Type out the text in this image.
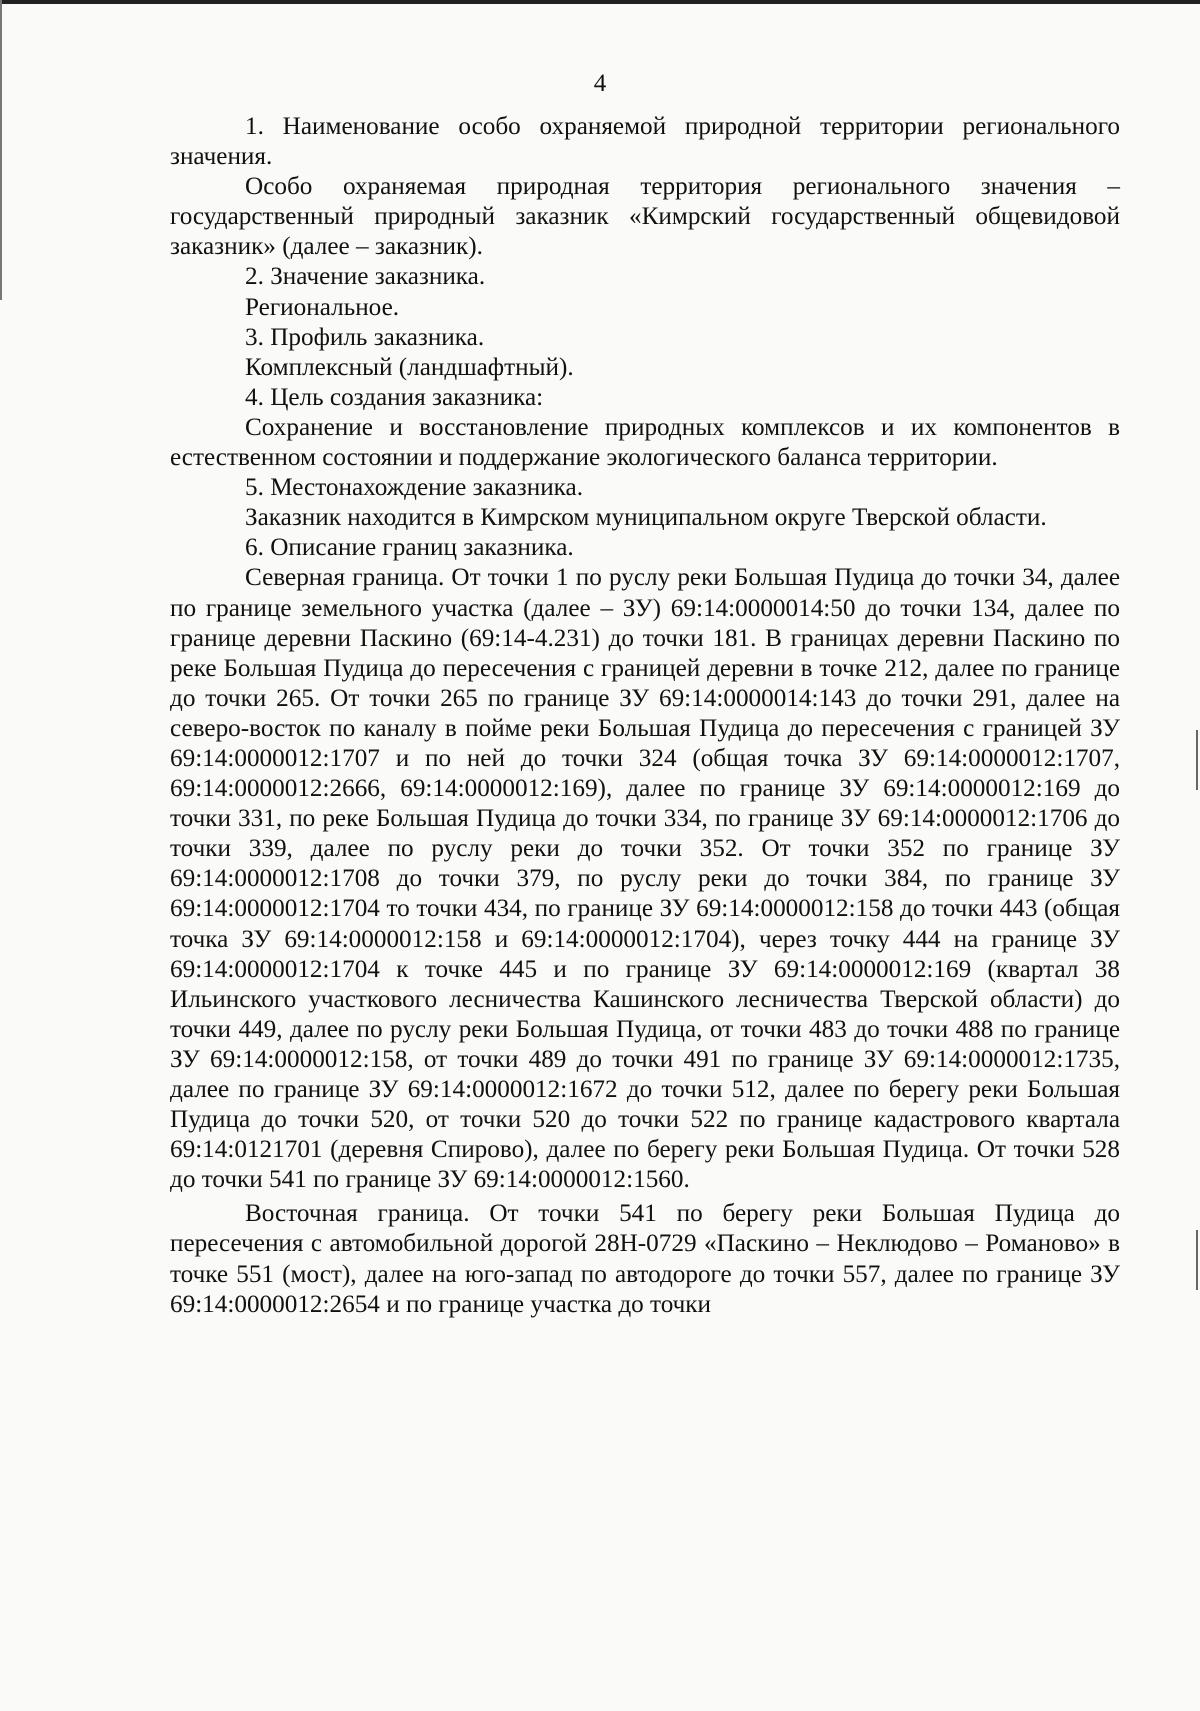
4

1. Наименование особо охраняемой природной территории регионального значения.

Особо охраняемая природная территория регионального значения – государственный природный заказник «Кимрский государственный общевидовой заказник» (далее – заказник).

2. Значение заказника.

Региональное.

3. Профиль заказника.

Комплексный (ландшафтный).

4. Цель создания заказника:

Сохранение и восстановление природных комплексов и их компонентов в естественном состоянии и поддержание экологического баланса территории.

5. Местонахождение заказника.

Заказник находится в Кимрском муниципальном округе Тверской области.

6. Описание границ заказника.

Северная граница. От точки 1 по руслу реки Большая Пудица до точки 34, далее по границе земельного участка (далее – ЗУ) 69:14:0000014:50 до точки 134, далее по границе деревни Паскино (69:14-4.231) до точки 181. В границах деревни Паскино по реке Большая Пудица до пересечения с границей деревни в точке 212, далее по границе до точки 265. От точки 265 по границе ЗУ 69:14:0000014:143 до точки 291, далее на северо-восток по каналу в пойме реки Большая Пудица до пересечения с границей ЗУ 69:14:0000012:1707 и по ней до точки 324 (общая точка ЗУ 69:14:0000012:1707, 69:14:0000012:2666, 69:14:0000012:169), далее по границе ЗУ 69:14:0000012:169 до точки 331, по реке Большая Пудица до точки 334, по границе ЗУ 69:14:0000012:1706 до точки 339, далее по руслу реки до точки 352. От точки 352 по границе ЗУ 69:14:0000012:1708 до точки 379, по руслу реки до точки 384, по границе ЗУ 69:14:0000012:1704 то точки 434, по границе ЗУ 69:14:0000012:158 до точки 443 (общая точка ЗУ 69:14:0000012:158 и 69:14:0000012:1704), через точку 444 на границе ЗУ 69:14:0000012:1704 к точке 445 и по границе ЗУ 69:14:0000012:169 (квартал 38 Ильинского участкового лесничества Кашинского лесничества Тверской области) до точки 449, далее по руслу реки Большая Пудица, от точки 483 до точки 488 по границе ЗУ 69:14:0000012:158, от точки 489 до точки 491 по границе ЗУ 69:14:0000012:1735, далее по границе ЗУ 69:14:0000012:1672 до точки 512, далее по берегу реки Большая Пудица до точки 520, от точки 520 до точки 522 по границе кадастрового квартала 69:14:0121701 (деревня Спирово), далее по берегу реки Большая Пудица. От точки 528 до точки 541 по границе ЗУ 69:14:0000012:1560.

Восточная граница. От точки 541 по берегу реки Большая Пудица до пересечения с автомобильной дорогой 28Н-0729 «Паскино – Неклюдово – Романово» в точке 551 (мост), далее на юго-запад по автодороге до точки 557, далее по границе ЗУ 69:14:0000012:2654 и по границе участка до точки
